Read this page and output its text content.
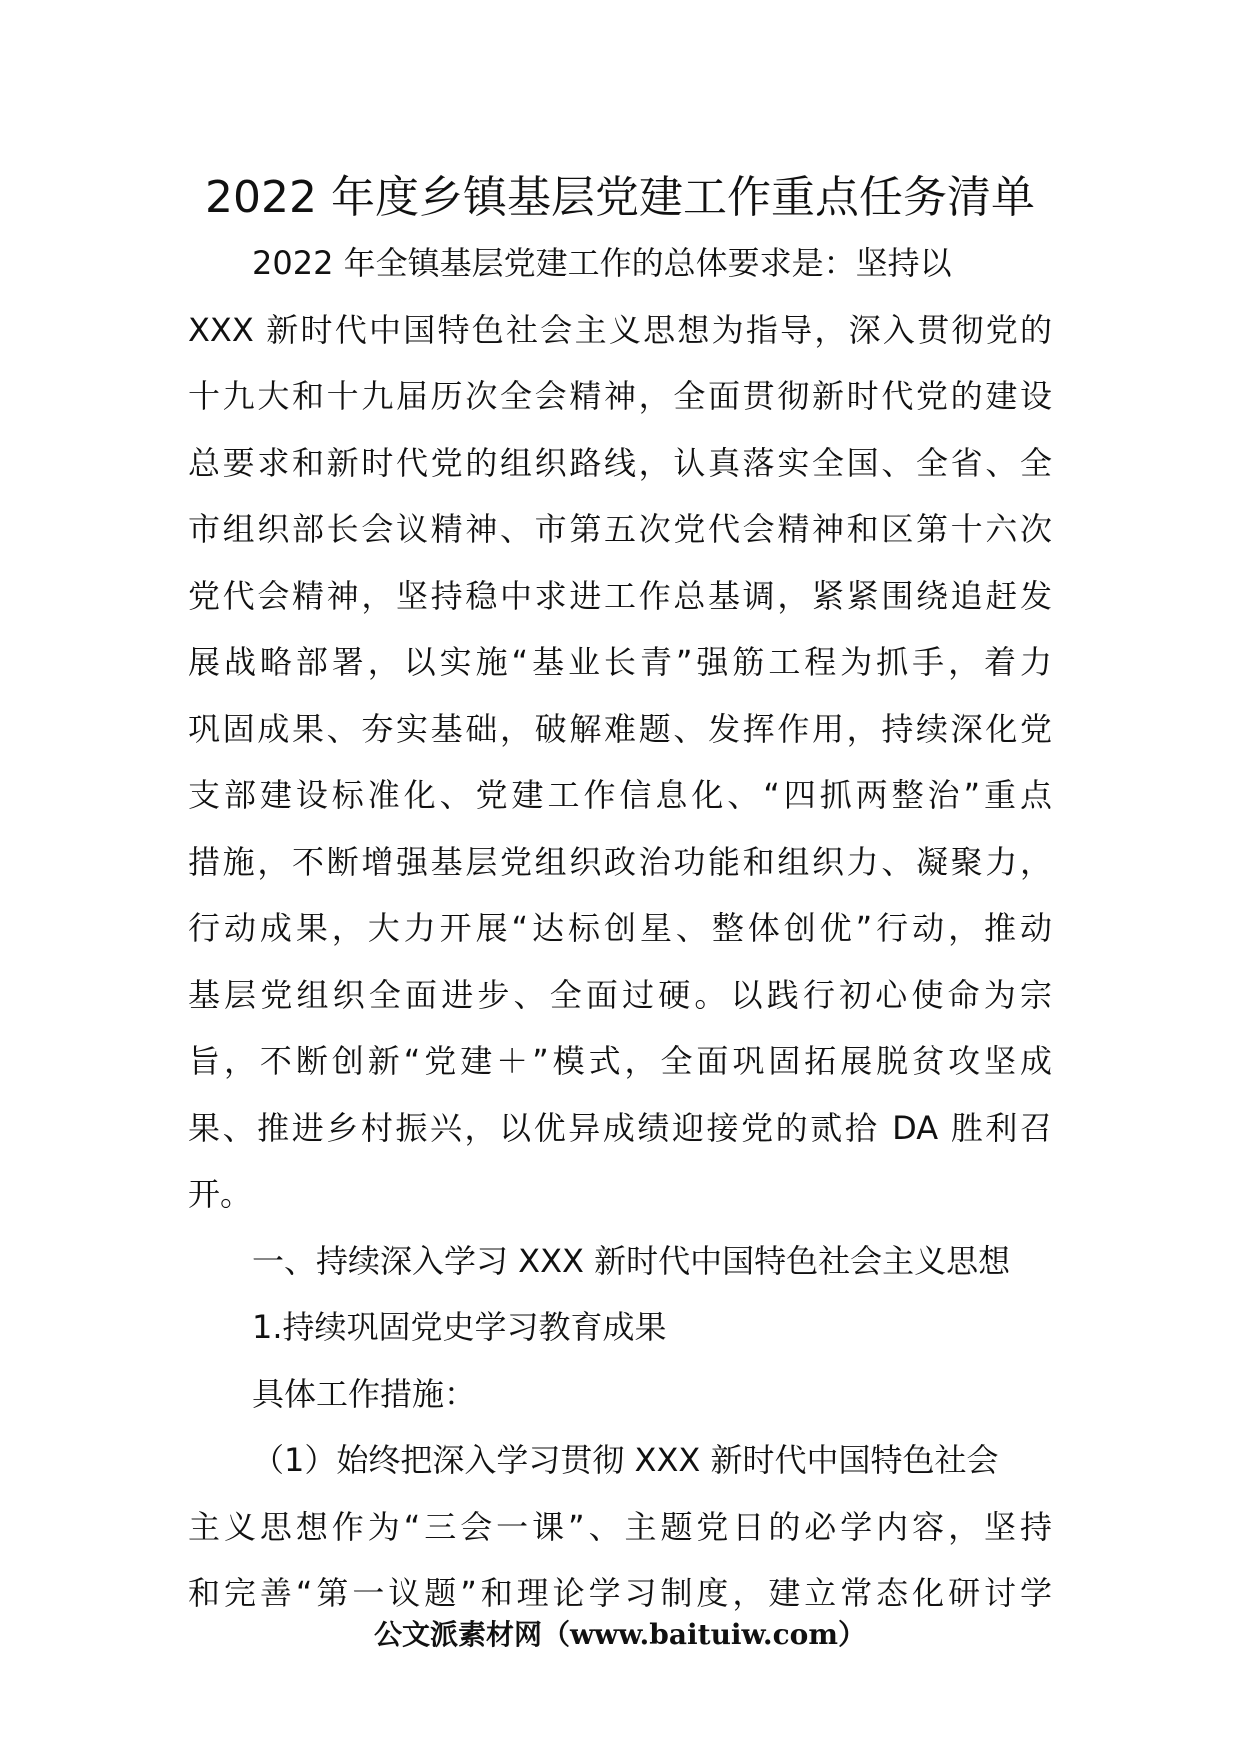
2022 年度乡镇基层党建工作重点任务清单
2022 年全镇基层党建工作的总体要求是：坚持以
XXX 新时代中国特色社会主义思想为指导，深入贯彻党的
十九大和十九届历次全会精神，全面贯彻新时代党的建设
总要求和新时代党的组织路线，认真落实全国、全省、全
市组织部长会议精神、市第五次党代会精神和区第十六次
党代会精神，坚持稳中求进工作总基调，紧紧围绕追赶发
展战略部署，以实施“基业长青”强筋工程为抓手，着力
巩固成果、夯实基础，破解难题、发挥作用，持续深化党
支部建设标准化、党建工作信息化、“四抓两整治”重点
措施，不断增强基层党组织政治功能和组织力、凝聚力，
行动成果，大力开展“达标创星、整体创优”行动，推动
基层党组织全面进步、全面过硬。以践行初心使命为宗
旨，不断创新“党建＋”模式，全面巩固拓展脱贫攻坚成
果、推进乡村振兴，以优异成绩迎接党的贰拾 DA 胜利召
开。
一、持续深入学习 XXX 新时代中国特色社会主义思想
1.持续巩固党史学习教育成果
具体工作措施：
（1）始终把深入学习贯彻 XXX 新时代中国特色社会
主义思想作为“三会一课”、主题党日的必学内容，坚持
和完善“第一议题”和理论学习制度，建立常态化研讨学
公文派素材网（www.baituiw.com）
